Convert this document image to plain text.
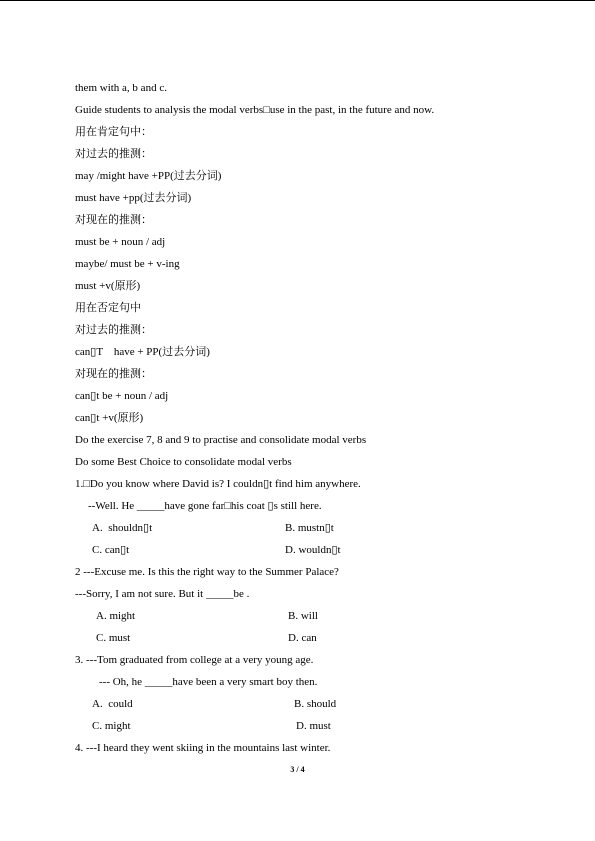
them with a, b and c.
Guide students to analysis the modal verbs□use in the past, in the future and now.
用在肯定句中：
对过去的推测：
may /might have +PP(过去分词)
must have +pp(过去分词)
对现在的推测：
must be + noun / adj
maybe/ must be + v-ing
must +v(原形)
用在否定句中
对过去的推测：
can▯T    have + PP(过去分词)
对现在的推测：
can▯t be + noun / adj
can▯t +v(原形)
Do the exercise 7, 8 and 9 to practise and consolidate modal verbs
Do some Best Choice to consolidate modal verbs
1.□Do you know where David is? I couldn▯t find him anywhere.
--Well. He _____have gone far□his coat ▯s still here.
A.  shouldn▯t	B. mustn▯t
C. can▯t	D. wouldn▯t
2 ---Excuse me. Is this the right way to the Summer Palace?
---Sorry, I am not sure. But it _____be .
A. might	B. will
C. must	D. can
3. ---Tom graduated from college at a very young age.
--- Oh, he _____have been a very smart boy then.
A.  could	B. should
C. might	D. must
4. ---I heard they went skiing in the mountains last winter.
3 / 4
